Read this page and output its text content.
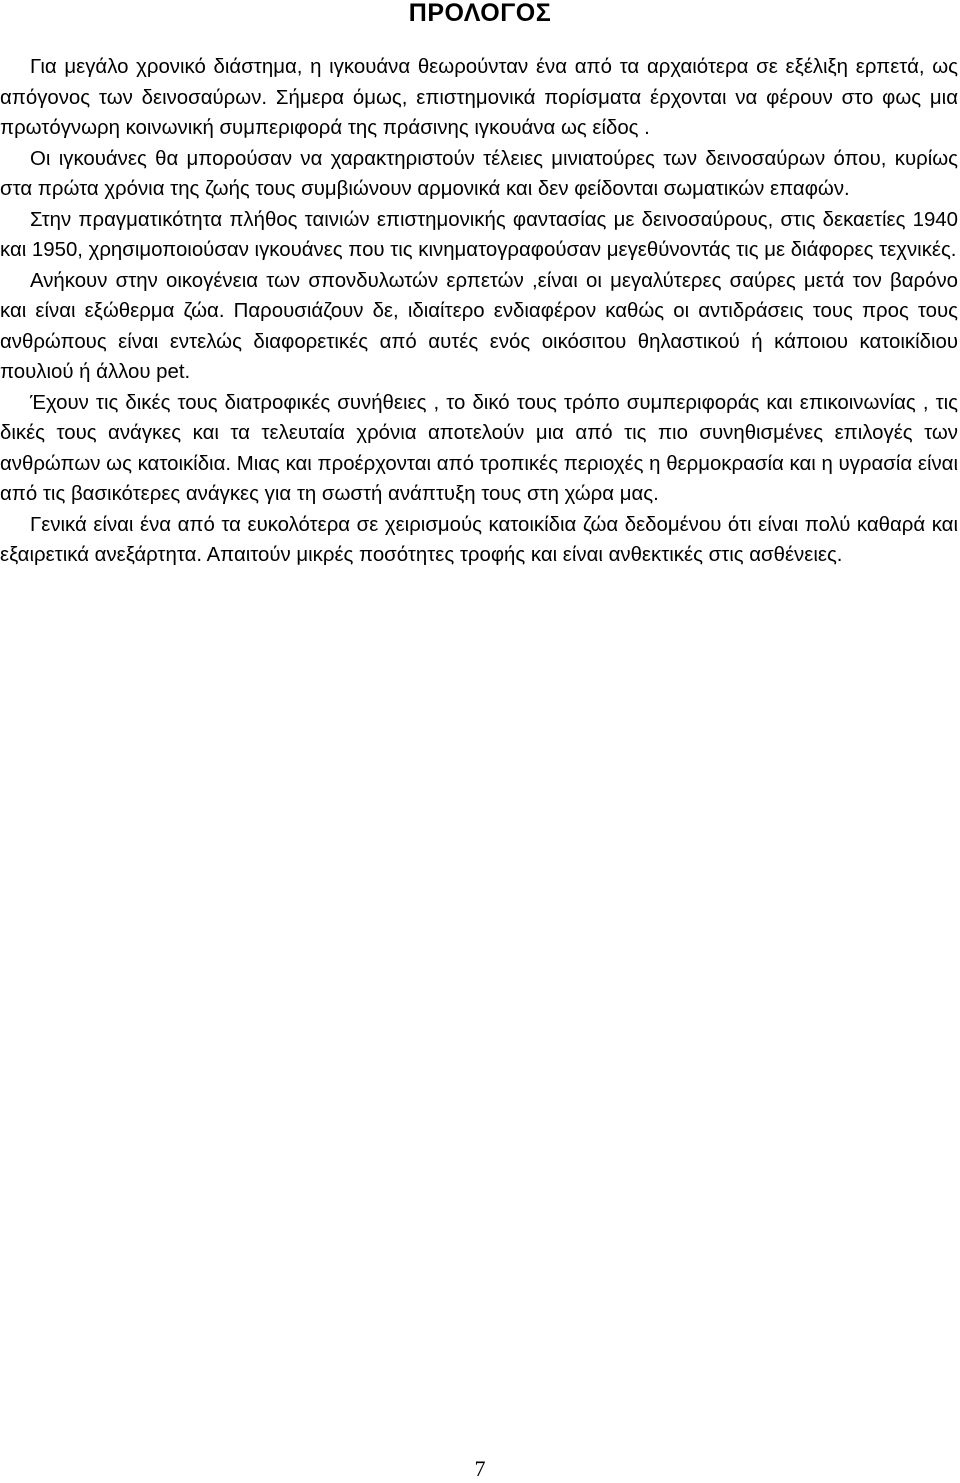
ΠΡΟΛΟΓΟΣ

Για μεγάλο χρονικό διάστημα, η ιγκουάνα θεωρούνταν ένα από τα αρχαιότερα σε εξέλιξη ερπετά, ως απόγονος των δεινοσαύρων. Σήμερα όμως, επιστημονικά πορίσματα έρχονται να φέρουν στο φως μια πρωτόγνωρη κοινωνική συμπεριφορά της πράσινης ιγκουάνα ως είδος .

Οι ιγκουάνες θα μπορούσαν να χαρακτηριστούν τέλειες μινιατούρες των δεινοσαύρων όπου, κυρίως στα πρώτα χρόνια της ζωής τους συμβιώνουν αρμονικά και δεν φείδονται σωματικών επαφών.

Στην πραγματικότητα πλήθος ταινιών επιστημονικής φαντασίας με δεινοσαύρους, στις δεκαετίες 1940 και 1950, χρησιμοποιούσαν ιγκουάνες που τις κινηματογραφούσαν μεγεθύνοντάς τις με διάφορες τεχνικές.

Ανήκουν στην οικογένεια των σπονδυλωτών ερπετών ,είναι οι μεγαλύτερες σαύρες μετά τον βαρόνο και είναι εξώθερμα ζώα. Παρουσιάζουν δε, ιδιαίτερο ενδιαφέρον καθώς οι αντιδράσεις τους προς τους ανθρώπους είναι εντελώς διαφορετικές από αυτές ενός οικόσιτου θηλαστικού ή κάποιου κατοικίδιου πουλιού ή άλλου pet.

Έχουν τις δικές τους διατροφικές συνήθειες , το δικό τους τρόπο συμπεριφοράς και επικοινωνίας , τις δικές τους ανάγκες και τα τελευταία χρόνια αποτελούν μια από τις πιο συνηθισμένες επιλογές των ανθρώπων ως κατοικίδια. Μιας και προέρχονται από τροπικές περιοχές η θερμοκρασία και η υγρασία είναι από τις βασικότερες ανάγκες για τη σωστή ανάπτυξη τους στη χώρα μας.

Γενικά είναι ένα από τα ευκολότερα σε χειρισμούς κατοικίδια ζώα δεδομένου ότι είναι πολύ καθαρά και εξαιρετικά ανεξάρτητα. Απαιτούν μικρές ποσότητες τροφής και είναι ανθεκτικές στις ασθένειες.

7
